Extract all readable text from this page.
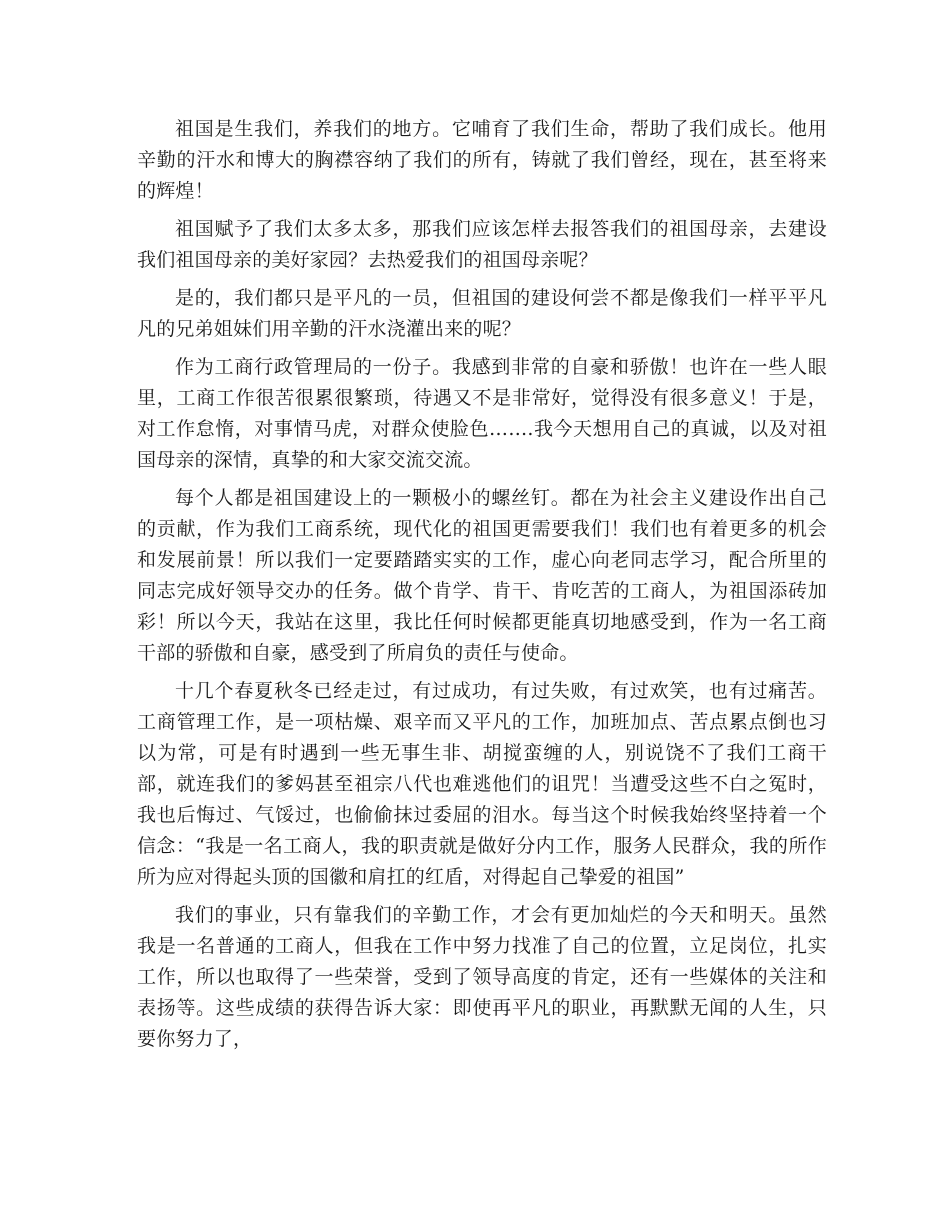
祖国是生我们，养我们的地方。它哺育了我们生命，帮助了我们成长。他用辛勤的汗水和博大的胸襟容纳了我们的所有，铸就了我们曾经，现在，甚至将来的辉煌！

祖国赋予了我们太多太多，那我们应该怎样去报答我们的祖国母亲，去建设我们祖国母亲的美好家园？去热爱我们的祖国母亲呢？

是的，我们都只是平凡的一员，但祖国的建设何尝不都是像我们一样平平凡凡的兄弟姐妹们用辛勤的汗水浇灌出来的呢？

作为工商行政管理局的一份子。我感到非常的自豪和骄傲！也许在一些人眼里，工商工作很苦很累很繁琐，待遇又不是非常好，觉得没有很多意义！于是，对工作怠惰，对事情马虎，对群众使脸色…….我今天想用自己的真诚，以及对祖国母亲的深情，真挚的和大家交流交流。

每个人都是祖国建设上的一颗极小的螺丝钉。都在为社会主义建设作出自己的贡献，作为我们工商系统，现代化的祖国更需要我们！我们也有着更多的机会和发展前景！所以我们一定要踏踏实实的工作，虚心向老同志学习，配合所里的同志完成好领导交办的任务。做个肯学、肯干、肯吃苦的工商人，为祖国添砖加彩！所以今天，我站在这里，我比任何时候都更能真切地感受到，作为一名工商干部的骄傲和自豪，感受到了所肩负的责任与使命。

十几个春夏秋冬已经走过，有过成功，有过失败，有过欢笑，也有过痛苦。工商管理工作，是一项枯燥、艰辛而又平凡的工作，加班加点、苦点累点倒也习以为常，可是有时遇到一些无事生非、胡搅蛮缠的人，别说饶不了我们工商干部，就连我们的爹妈甚至祖宗八代也难逃他们的诅咒！当遭受这些不白之冤时，我也后悔过、气馁过，也偷偷抹过委屈的泪水。每当这个时候我始终坚持着一个信念：“我是一名工商人，我的职责就是做好分内工作，服务人民群众，我的所作所为应对得起头顶的国徽和肩扛的红盾，对得起自己挚爱的祖国”

我们的事业，只有靠我们的辛勤工作，才会有更加灿烂的今天和明天。虽然我是一名普通的工商人，但我在工作中努力找准了自己的位置，立足岗位，扎实工作，所以也取得了一些荣誉，受到了领导高度的肯定，还有一些媒体的关注和表扬等。这些成绩的获得告诉大家：即使再平凡的职业，再默默无闻的人生，只要你努力了，
